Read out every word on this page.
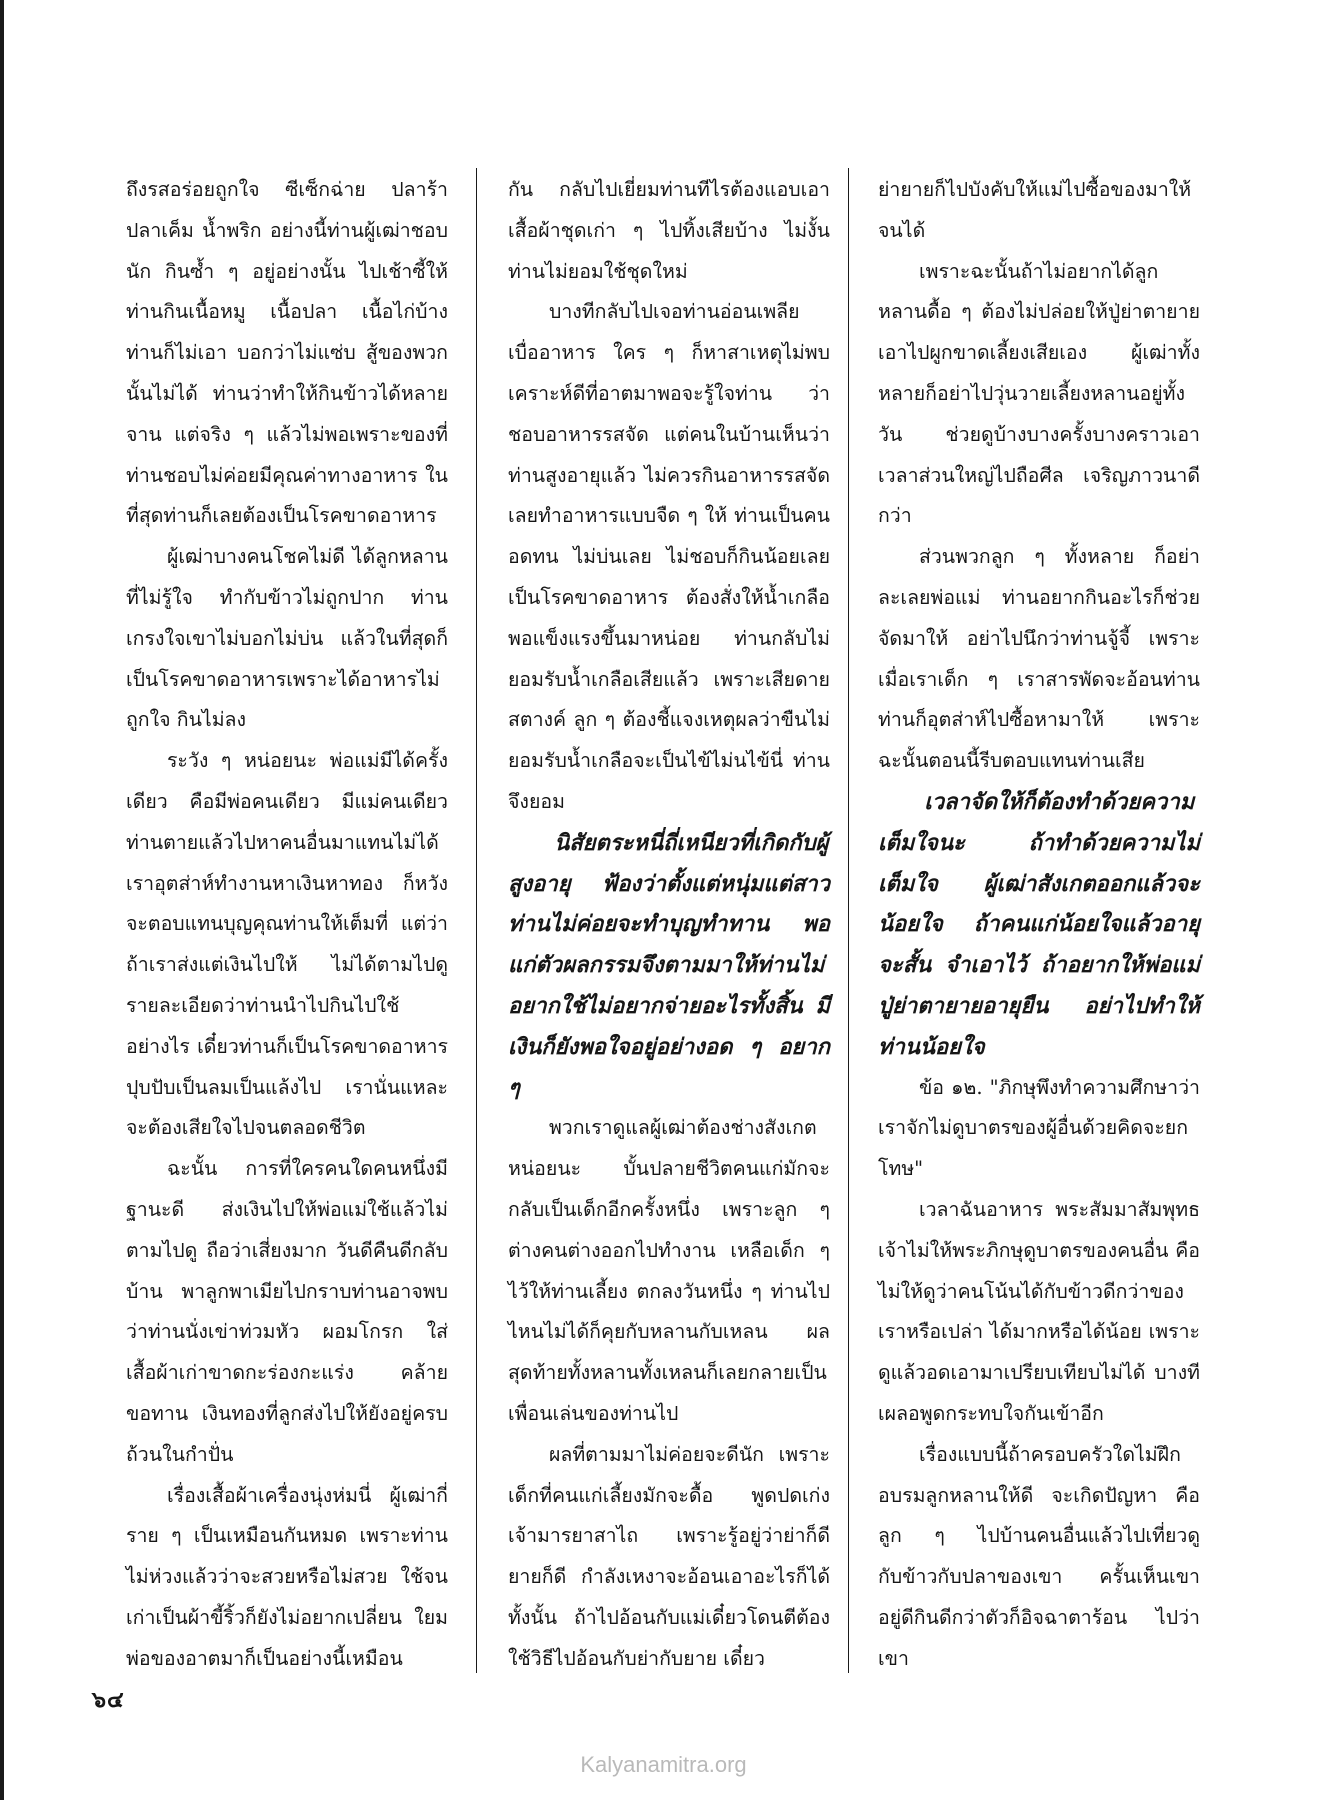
ถึงรสอร่อยถูกใจ ซีเซ็กฉ่าย ปลาร้า ปลาเค็ม น้ำพริก อย่างนี้ท่านผู้เฒ่าชอบนัก กินซ้ำ ๆ อยู่อย่างนั้น ไปเช้าซี้ให้ท่านกินเนื้อหมู เนื้อปลา เนื้อไก่บ้าง ท่านก็ไม่เอา บอกว่าไม่แซ่บ สู้ของพวกนั้นไม่ได้ ท่านว่าทำให้กินข้าวได้หลายจาน แต่จริง ๆ แล้วไม่พอเพราะของที่ท่านชอบไม่ค่อยมีคุณค่าทางอาหาร ในที่สุดท่านก็เลยต้องเป็นโรคขาดอาหาร

ผู้เฒ่าบางคนโชคไม่ดี ได้ลูกหลานที่ไม่รู้ใจ ทำกับข้าวไม่ถูกปาก ท่านเกรงใจเขาไม่บอกไม่บ่น แล้วในที่สุดก็เป็นโรคขาดอาหารเพราะได้อาหารไม่ถูกใจ กินไม่ลง

ระวัง ๆ หน่อยนะ พ่อแม่มีได้ครั้งเดียว คือมีพ่อคนเดียว มีแม่คนเดียว ท่านตายแล้วไปหาคนอื่นมาแทนไม่ได้ เราอุตส่าห์ทำงานหาเงินหาทอง ก็หวังจะตอบแทนบุญคุณท่านให้เต็มที่ แต่ว่าถ้าเราส่งแต่เงินไปให้ ไม่ได้ตามไปดูรายละเอียดว่าท่านนำไปกินไปใช้อย่างไร เดี๋ยวท่านก็เป็นโรคขาดอาหาร ปุบปับเป็นลมเป็นแล้งไป เรานั่นแหละจะต้องเสียใจไปจนตลอดชีวิต

ฉะนั้น การที่ใครคนใดคนหนึ่งมีฐานะดี ส่งเงินไปให้พ่อแม่ใช้แล้วไม่ตามไปดู ถือว่าเสี่ยงมาก วันดีคืนดีกลับบ้าน พาลูกพาเมียไปกราบท่านอาจพบว่าท่านนั่งเข่าท่วมหัว ผอมโกรก ใส่เสื้อผ้าเก่าขาดกะร่องกะแร่ง คล้ายขอทาน เงินทองที่ลูกส่งไปให้ยังอยู่ครบถ้วนในกำปั่น

เรื่องเสื้อผ้าเครื่องนุ่งห่มนี่ ผู้เฒ่ากี่ราย ๆ เป็นเหมือนกันหมด เพราะท่านไม่ห่วงแล้วว่าจะสวยหรือไม่สวย ใช้จนเก่าเป็นผ้าขี้ริ้วก็ยังไม่อยากเปลี่ยน ใยมพ่อของอาตมาก็เป็นอย่างนี้เหมือน

กัน กลับไปเยี่ยมท่านทีไรต้องแอบเอาเสื้อผ้าชุดเก่า ๆ ไปทิ้งเสียบ้าง ไม่งั้นท่านไม่ยอมใช้ชุดใหม่

บางทีกลับไปเจอท่านอ่อนเพลียเบื่ออาหาร ใคร ๆ ก็หาสาเหตุไม่พบ เคราะห์ดีที่อาตมาพอจะรู้ใจท่าน ว่าชอบอาหารรสจัด แต่คนในบ้านเห็นว่าท่านสูงอายุแล้ว ไม่ควรกินอาหารรสจัด เลยทำอาหารแบบจืด ๆ ให้ ท่านเป็นคนอดทน ไม่บ่นเลย ไม่ชอบก็กินน้อยเลยเป็นโรคขาดอาหาร ต้องสั่งให้น้ำเกลือ พอแข็งแรงขึ้นมาหน่อย ท่านกลับไม่ยอมรับน้ำเกลือเสียแล้ว เพราะเสียดายสตางค์ ลูก ๆ ต้องชี้แจงเหตุผลว่าขืนไม่ยอมรับน้ำเกลือจะเป็นไข้ไม่นไข้นี่ ท่านจึงยอม

นิสัยตระหนี่ถี่เหนียวที่เกิดกับผู้สูงอายุ ฟ้องว่าตั้งแต่หนุ่มแต่สาวท่านไม่ค่อยจะทำบุญทำทาน พอแก่ตัวผลกรรมจึงตามมาให้ท่านไม่อยากใช้ไม่อยากจ่ายอะไรทั้งสิ้น มีเงินก็ยังพอใจอยู่อย่างอด ๆ อยาก ๆ

พวกเราดูแลผู้เฒ่าต้องช่างสังเกตหน่อยนะ บั้นปลายชีวิตคนแก่มักจะกลับเป็นเด็กอีกครั้งหนึ่ง เพราะลูก ๆ ต่างคนต่างออกไปทำงาน เหลือเด็ก ๆ ไว้ให้ท่านเลี้ยง ตกลงวันหนึ่ง ๆ ท่านไปไหนไม่ได้ก็คุยกับหลานกับเหลน ผลสุดท้ายทั้งหลานทั้งเหลนก็เลยกลายเป็นเพื่อนเล่นของท่านไป

ผลที่ตามมาไม่ค่อยจะดีนัก เพราะเด็กที่คนแก่เลี้ยงมักจะดื้อ พูดปดเก่ง เจ้ามารยาสาไถ เพราะรู้อยู่ว่าย่าก็ดียายก็ดี กำลังเหงาจะอ้อนเอาอะไรก็ได้ทั้งนั้น ถ้าไปอ้อนกับแม่เดี๋ยวโดนตีต้องใช้วิธีไปอ้อนกับย่ากับยาย เดี๋ยว

ย่ายายก็ไปบังคับให้แม่ไปซื้อของมาให้จนได้

เพราะฉะนั้นถ้าไม่อยากได้ลูกหลานดื้อ ๆ ต้องไม่ปล่อยให้ปู่ย่าตายายเอาไปผูกขาดเลี้ยงเสียเอง ผู้เฒ่าทั้งหลายก็อย่าไปวุ่นวายเลี้ยงหลานอยู่ทั้งวัน ช่วยดูบ้างบางครั้งบางคราวเอาเวลาส่วนใหญ่ไปถือศีล เจริญภาวนาดีกว่า

ส่วนพวกลูก ๆ ทั้งหลาย ก็อย่าละเลยพ่อแม่ ท่านอยากกินอะไรก็ช่วยจัดมาให้ อย่าไปนึกว่าท่านจู้จี้ เพราะเมื่อเราเด็ก ๆ เราสารพัดจะอ้อนท่าน ท่านก็อุตส่าห์ไปซื้อหามาให้ เพราะฉะนั้นตอนนี้รีบตอบแทนท่านเสีย

เวลาจัดให้ก็ต้องทำด้วยความเต็มใจนะ ถ้าทำด้วยความไม่เต็มใจ ผู้เฒ่าสังเกตออกแล้วจะน้อยใจ ถ้าคนแก่น้อยใจแล้วอายุจะสั้น จำเอาไว้ ถ้าอยากให้พ่อแม่ปู่ย่าตายายอายุยืน อย่าไปทำให้ท่านน้อยใจ

ข้อ ๑๒. "ภิกษุพึงทำความศึกษาว่า เราจักไม่ดูบาตรของผู้อื่นด้วยคิดจะยกโทษ"

เวลาฉันอาหาร พระสัมมาสัมพุทธเจ้าไม่ให้พระภิกษุดูบาตรของคนอื่น คือไม่ให้ดูว่าคนโน้นได้กับข้าวดีกว่าของเราหรือเปล่า ได้มากหรือได้น้อย เพราะดูแล้วอดเอามาเปรียบเทียบไม่ได้ บางทีเผลอพูดกระทบใจกันเข้าอีก

เรื่องแบบนี้ถ้าครอบครัวใดไม่ฝึกอบรมลูกหลานให้ดี จะเกิดปัญหา คือ ลูก ๆ ไปบ้านคนอื่นแล้วไปเที่ยวดูกับข้าวกับปลาของเขา ครั้นเห็นเขาอยู่ดีกินดีกว่าตัวก็อิจฉาตาร้อน ไปว่าเขา

๖๔
Kalyanamitra.org
